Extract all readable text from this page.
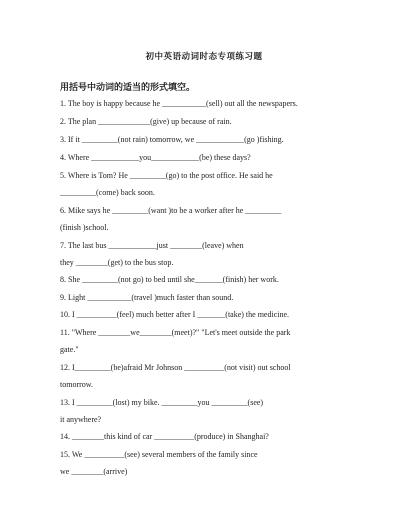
初中英语动词时态专项练习题
用括号中动词的适当的形式填空。
1. The boy is happy because he ___________(sell) out all the newspapers.
2. The plan _____________(give) up because of rain.
3. If it _________(not rain) tomorrow, we ____________(go )fishing.
4. Where ____________you____________(be) these days?
5. Where is Tom? He _________(go) to the post office. He said he
_________(come) back soon.
6. Mike says he _________(want )to be a worker after he _________
(finish )school.
7. The last bus ____________just ________(leave) when
they ________(get) to the bus stop.
8. She _________(not go) to bed until she_______(finish) her work.
9. Light ___________(travel )much faster than sound.
10. I __________(feel) much better after I _______(take) the medicine.
11. "Where ________we________(meet)?" "Let's meet outside the park
gate."
12. I_________(be)afraid Mr Johnson __________(not visit) out school
tomorrow.
13. I _________(lost) my bike. _________you _________(see)
it anywhere?
14. ________this kind of car __________(produce) in Shanghai?
15. We __________(see) several members of the family since
we ________(arrive)
